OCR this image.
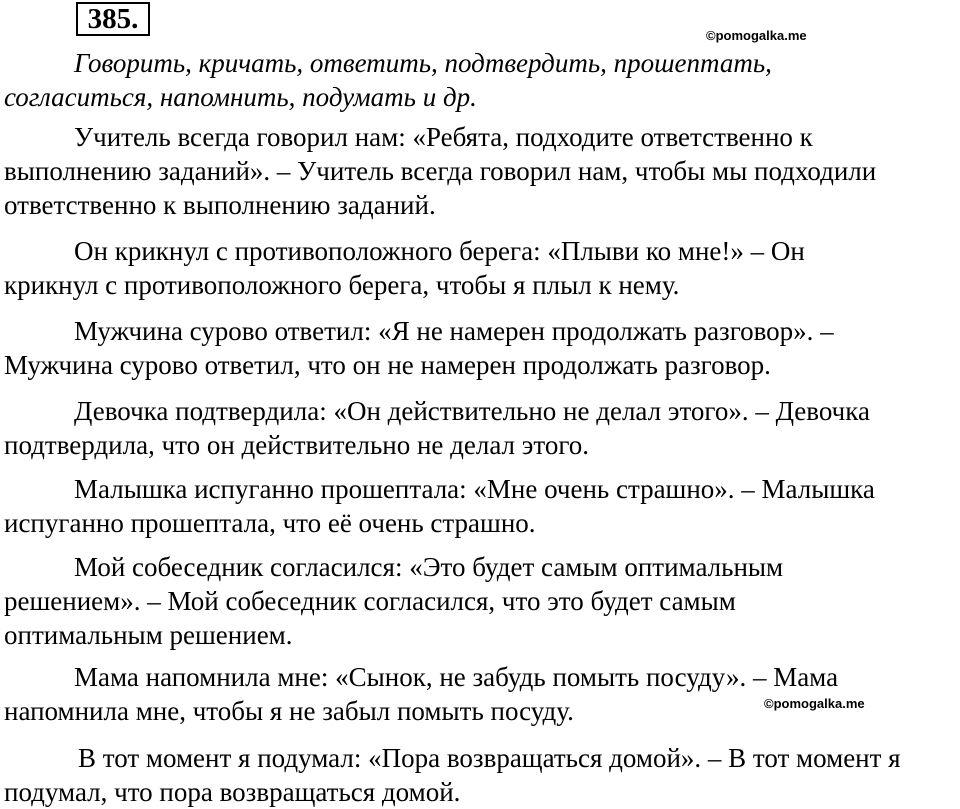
385.
©pomogalka.me

Говорить, кричать, ответить, подтвердить, прошептать,
согласиться, напомнить, подумать и др.

Учитель всегда говорил нам: «Ребята, подходите ответственно к
выполнению заданий». – Учитель всегда говорил нам, чтобы мы подходили
ответственно к выполнению заданий.

Он крикнул с противоположного берега: «Плыви ко мне!» – Он
крикнул с противоположного берега, чтобы я плыл к нему.

Мужчина сурово ответил: «Я не намерен продолжать разговор». –
Мужчина сурово ответил, что он не намерен продолжать разговор.

Девочка подтвердила: «Он действительно не делал этого». – Девочка
подтвердила, что он действительно не делал этого.

Малышка испуганно прошептала: «Мне очень страшно». – Малышка
испуганно прошептала, что её очень страшно.

Мой собеседник согласился: «Это будет самым оптимальным
решением». – Мой собеседник согласился, что это будет самым
оптимальным решением.

Мама напомнила мне: «Сынок, не забудь помыть посуду». – Мама
напомнила мне, чтобы я не забыл помыть посуду.	©pomogalka.me

В тот момент я подумал: «Пора возвращаться домой». – В тот момент я
подумал, что пора возвращаться домой.
